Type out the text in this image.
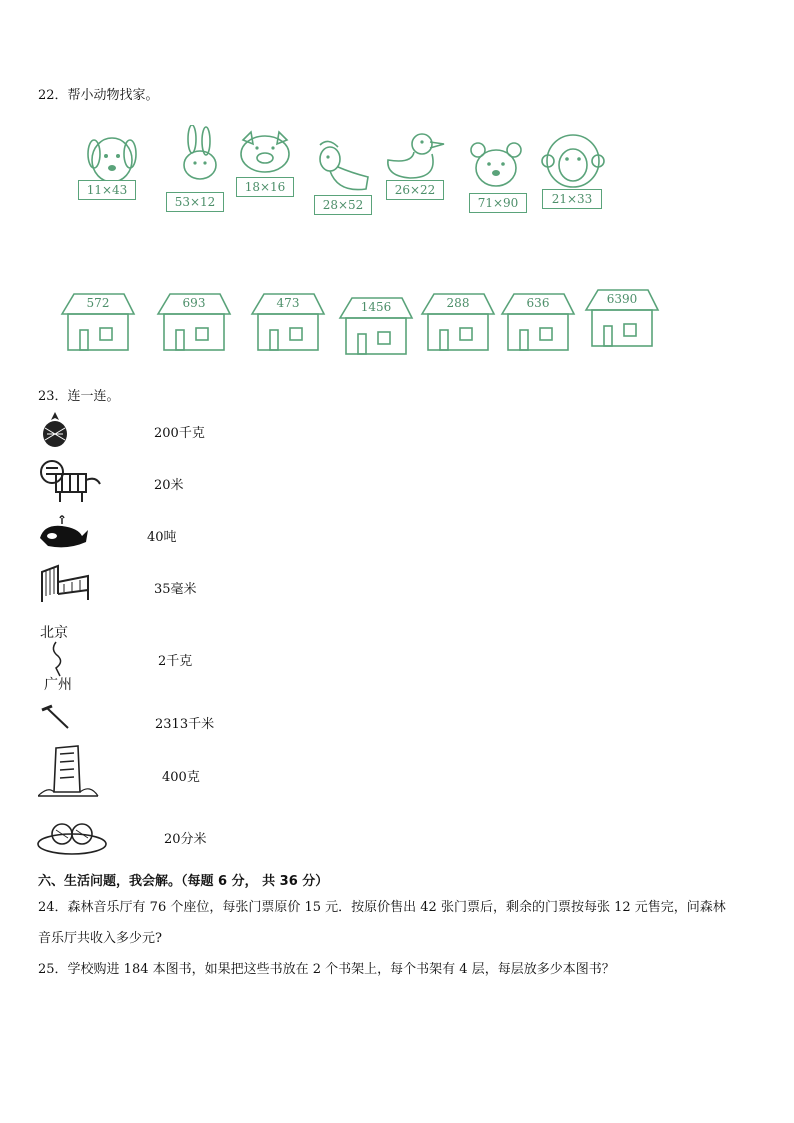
22．帮小动物找家。
11×43
53×12
18×16
28×52
26×22
71×90	21×33
572	693	473	1456	288	636	6390
23．连一连。
200千克
20米
40吨
35毫米
北京
广州
2千克
2313千米
400克
20分米
六、生活问题，我会解。（每题 6 分， 共 36 分）
24．森林音乐厅有 76 个座位，每张门票原价 15 元．按原价售出 42 张门票后，剩余的门票按每张 12 元售完，问森林
音乐厅共收入多少元?
25．学校购进 184 本图书，如果把这些书放在 2 个书架上，每个书架有 4 层，每层放多少本图书？
